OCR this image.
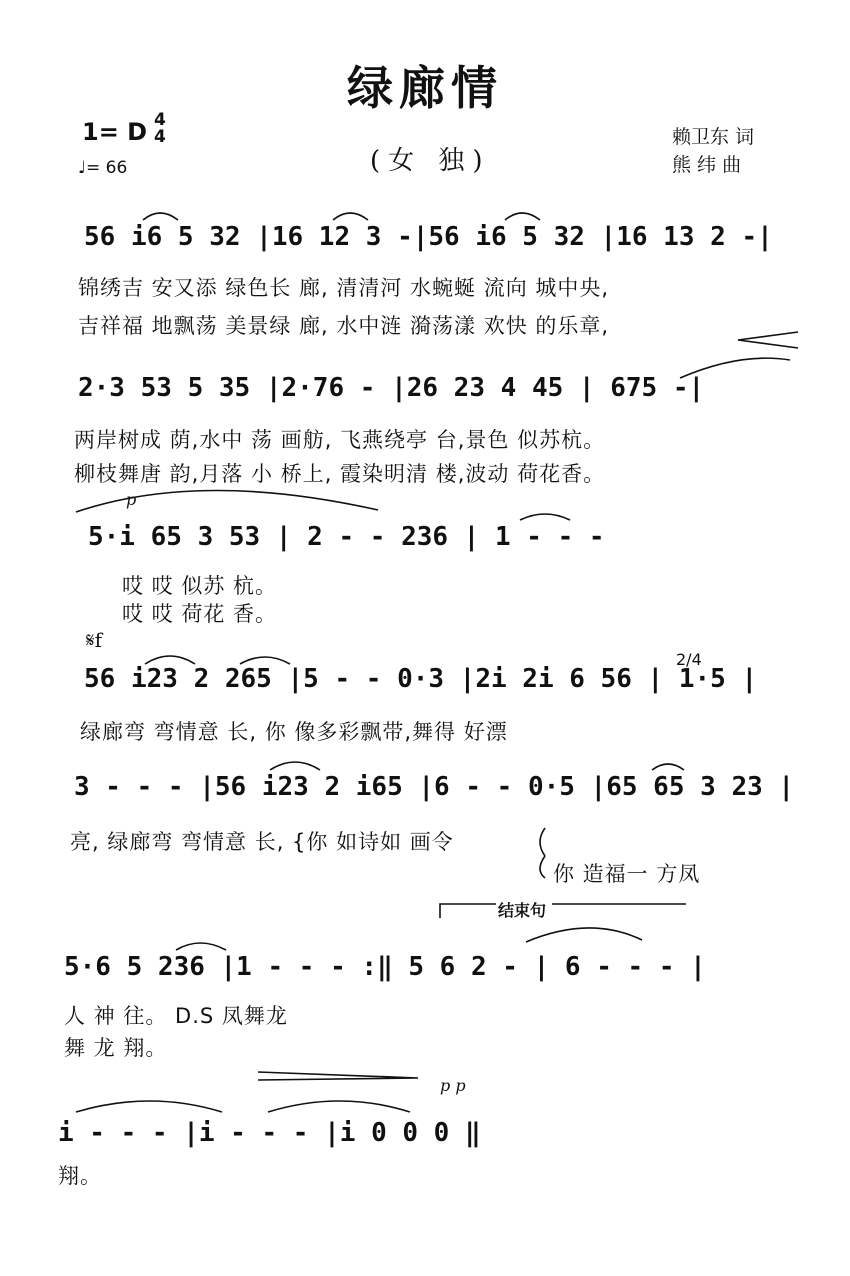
绿廊情
1= D 4
4
♩= 66	(女 独)
赖卫东 词
熊 纬 曲
56 i6 5 32 |16 12 3 -|56 i6 5 32 |16 13 2 -|
锦绣吉 安又添 绿色长 廊, 清清河 水蜿蜒 流向 城中央,
吉祥福 地飘荡 美景绿 廊, 水中涟 漪荡漾 欢快 的乐章,
2·3 53 5 35 |2·76 - |26 23 4 45 | 675 -|
两岸树成 荫,水中 荡 画舫, 飞燕绕亭 台,景色 似苏杭。
柳枝舞唐 韵,月落 小 桥上, 霞染明清 楼,波动 荷花香。
p
5·i 65 3 53 | 2 - - 236 | 1 - - -
哎 哎 似苏 杭。
哎 哎 荷花 香。
𝄋f
2/4
56 i23 2 265 |5 - - 0·3 |2i 2i 6 56 | 1·5 |
绿廊弯 弯情意 长, 你 像多彩飘带,舞得 好漂
3 - - - |56 i23 2 i65 |6 - - 0·5 |65 65 3 23 |
亮, 绿廊弯 弯情意 长, {你 如诗如 画令
你 造福一 方凤
结束句
5·6 5 236 |1 - - - :‖ 5 6 2 - | 6 - - - |
人 神 往。 D.S 凤舞龙
舞 龙 翔。
p p
i - - - |i - - - |i 0 0 0 ‖
翔。
